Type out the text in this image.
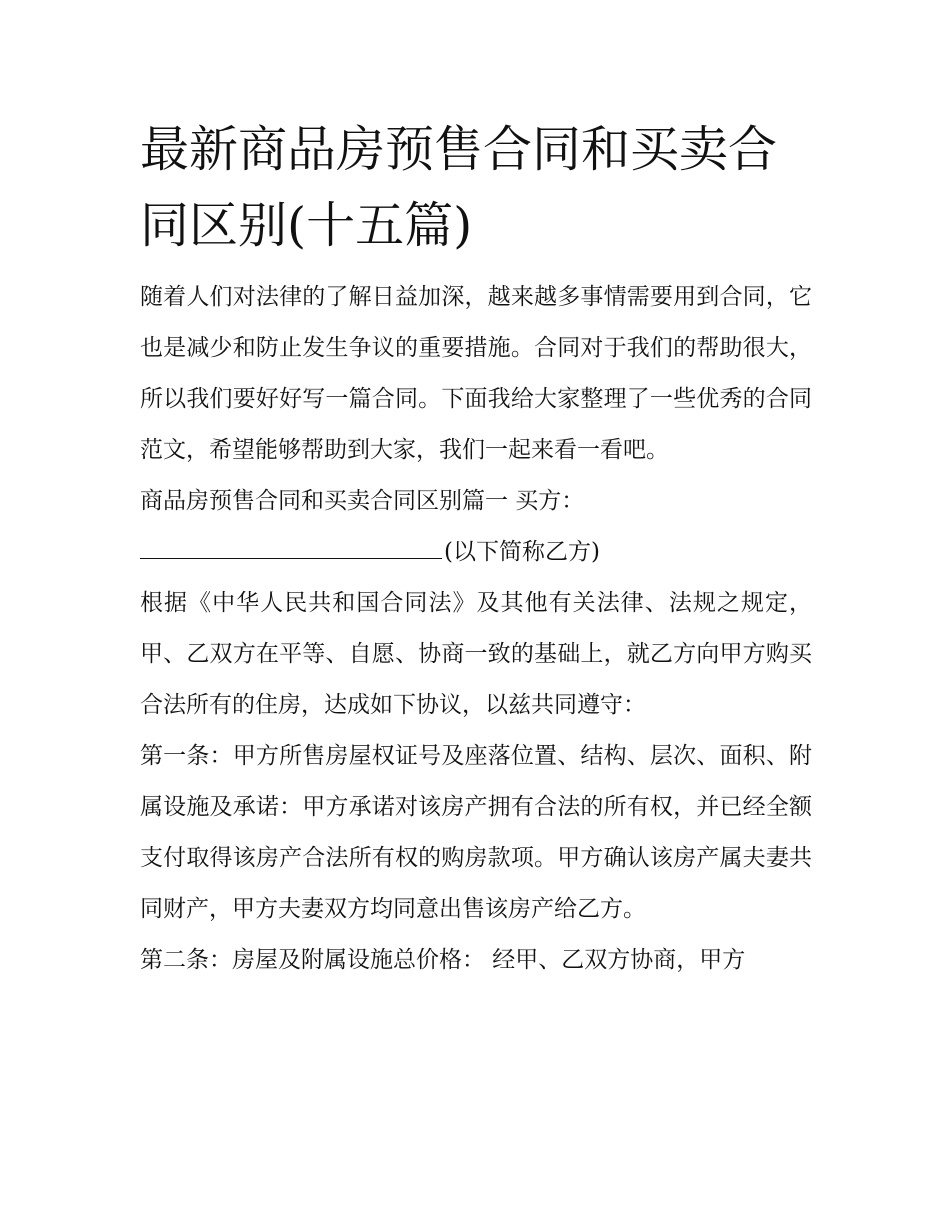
最新商品房预售合同和买卖合同区别(十五篇)

随着人们对法律的了解日益加深，越来越多事情需要用到合同，它也是减少和防止发生争议的重要措施。合同对于我们的帮助很大，所以我们要好好写一篇合同。下面我给大家整理了一些优秀的合同范文，希望能够帮助到大家，我们一起来看一看吧。

商品房预售合同和买卖合同区别篇一 买方：

(以下简称乙方)

根据《中华人民共和国合同法》及其他有关法律、法规之规定，甲、乙双方在平等、自愿、协商一致的基础上，就乙方向甲方购买合法所有的住房，达成如下协议，以兹共同遵守：

第一条：甲方所售房屋权证号及座落位置、结构、层次、面积、附属设施及承诺：甲方承诺对该房产拥有合法的所有权，并已经全额支付取得该房产合法所有权的购房款项。甲方确认该房产属夫妻共同财产，甲方夫妻双方均同意出售该房产给乙方。

第二条：房屋及附属设施总价格： 经甲、乙双方协商，甲方
